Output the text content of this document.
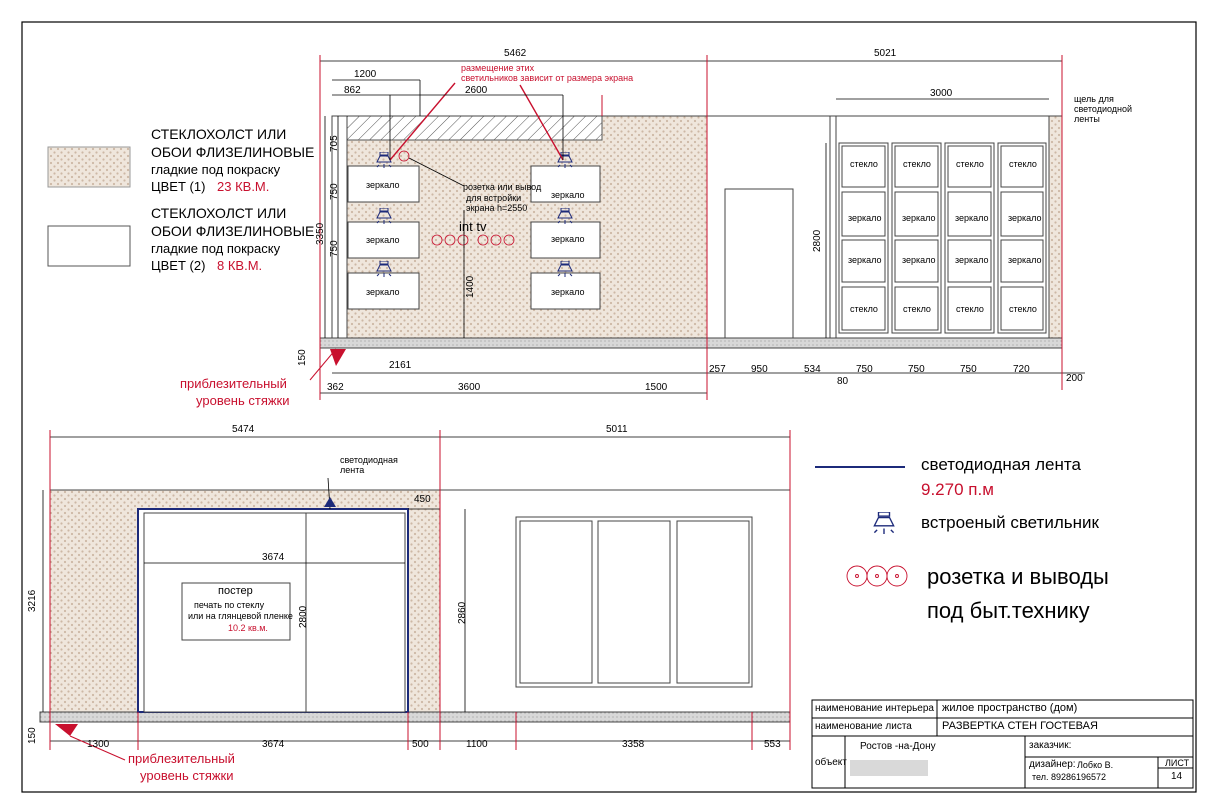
СТЕКЛОХОЛСТ ИЛИ
ОБОИ ФЛИЗЕЛИНОВЫЕ
гладкие под покраску
ЦВЕТ (1) 23 КВ.М.
СТЕКЛОХОЛСТ ИЛИ
ОБОИ ФЛИЗЕЛИНОВЫЕ
гладкие под покраску
ЦВЕТ (2) 8 КВ.М.
светодиодная лента
9.270 п.м
встроеный светильник
розетка и выводы
под быт.технику
5462	5021
1200
862	2600	3000
размещение этих
светильников зависит от размера экрана
щель для
светодиодной
ленты
705
750
750
3350
1400
2800
150
розетка или вывод
для встройки
экрана h=2550
int tv
зеркало
зеркало
зеркало
зеркало
зеркало
зеркало
стекло	стекло	стекло	стекло
зеркало зеркало зеркало зеркало
зеркало зеркало зеркало зеркало
стекло	стекло	стекло	стекло
2161
362	3600	1500
257	950	534
80
750	750	750	720
200
приблезительный
уровень стяжки
5474	5011
светодиодная
лента
450
3674
3216
2800	2860
150
постер
печать по стеклу
или на глянцевой пленке
10.2 кв.м.
1300	3674	500	1100	3358	553
приблезительный
уровень стяжки
наименование интерьера жилое пространство (дом)
наименование листа	РАЗВЕРТКА СТЕН ГОСТЕВАЯ
объект
Ростов -на-Дону	заказчик:
дизайнер: Лобко В.
тел. 89286196572
ЛИСТ
14
